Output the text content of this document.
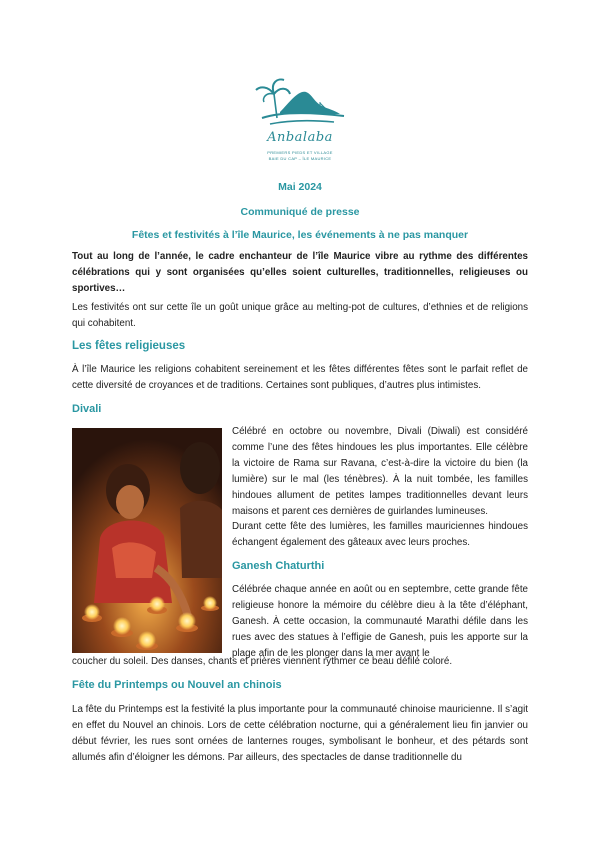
Anbalaba
PREMIERS PIEDS ET VILLAGE
BAIE DU CAP – ÎLE MAURICE
Mai 2024
Communiqué de presse
Fêtes et festivités à l’île Maurice, les événements à ne pas manquer

Tout au long de l’année, le cadre enchanteur de l’île Maurice vibre au rythme des différentes célébrations qui y sont organisées qu’elles soient culturelles, traditionnelles, religieuses ou sportives…

Les festivités ont sur cette île un goût unique grâce au melting-pot de cultures, d’ethnies et de religions qui cohabitent.

Les fêtes religieuses

À l’île Maurice les religions cohabitent sereinement et les fêtes différentes fêtes sont le parfait reflet de cette diversité de croyances et de traditions. Certaines sont publiques, d’autres plus intimistes.

Divali

Célébré en octobre ou novembre, Divali (Diwali) est considéré comme l’une des fêtes hindoues les plus importantes. Elle célèbre la victoire de Rama sur Ravana, c’est-à-dire la victoire du bien (la lumière) sur le mal (les ténèbres). À la nuit tombée, les familles hindoues allument de petites lampes traditionnelles devant leurs maisons et parent ces dernières de guirlandes lumineuses.

Durant cette fête des lumières, les familles mauriciennes hindoues échangent également des gâteaux avec leurs proches.

Ganesh Chaturthi

Célébrée chaque année en août ou en septembre, cette grande fête religieuse honore la mémoire du célèbre dieu à la tête d’éléphant, Ganesh. À cette occasion, la communauté Marathi défile dans les rues avec des statues à l’effigie de Ganesh, puis les apporte sur la plage afin de les plonger dans la mer avant le

coucher du soleil. Des danses, chants et prières viennent rythmer ce beau défilé coloré.

Fête du Printemps ou Nouvel an chinois

La fête du Printemps est la festivité la plus importante pour la communauté chinoise mauricienne. Il s’agit en effet du Nouvel an chinois. Lors de cette célébration nocturne, qui a généralement lieu fin janvier ou début février, les rues sont ornées de lanternes rouges, symbolisant le bonheur, et des pétards sont allumés afin d’éloigner les démons. Par ailleurs, des spectacles de danse traditionnelle du
